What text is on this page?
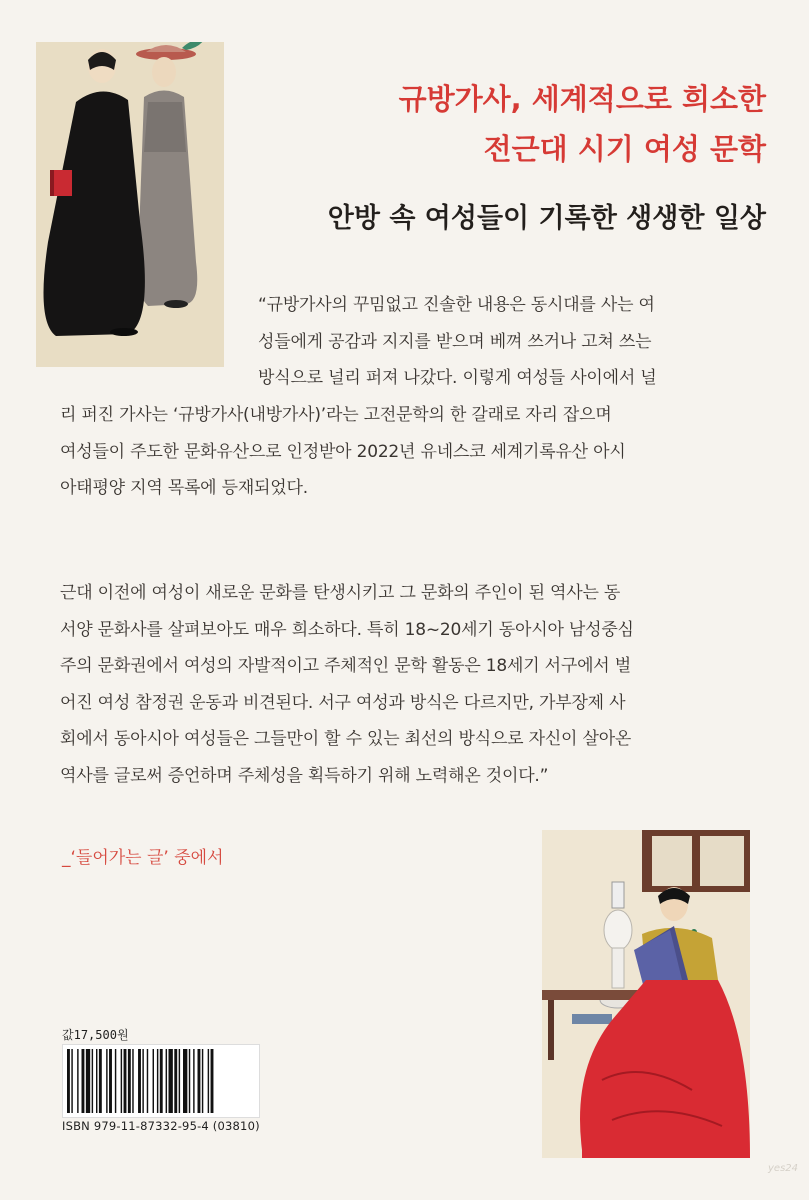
규방가사, 세계적으로 희소한
전근대 시기 여성 문학
안방 속 여성들이 기록한 생생한 일상
“규방가사의 꾸밈없고 진솔한 내용은 동시대를 사는 여
성들에게 공감과 지지를 받으며 베껴 쓰거나 고쳐 쓰는
방식으로 널리 퍼져 나갔다. 이렇게 여성들 사이에서 널
리 퍼진 가사는 ‘규방가사(내방가사)’라는 고전문학의 한 갈래로 자리 잡으며
여성들이 주도한 문화유산으로 인정받아 2022년 유네스코 세계기록유산 아시
아태평양 지역 목록에 등재되었다.
근대 이전에 여성이 새로운 문화를 탄생시키고 그 문화의 주인이 된 역사는 동
서양 문화사를 살펴보아도 매우 희소하다. 특히 18~20세기 동아시아 남성중심
주의 문화권에서 여성의 자발적이고 주체적인 문학 활동은 18세기 서구에서 벌
어진 여성 참정권 운동과 비견된다. 서구 여성과 방식은 다르지만, 가부장제 사
회에서 동아시아 여성들은 그들만이 할 수 있는 최선의 방식으로 자신이 살아온
역사를 글로써 증언하며 주체성을 획득하기 위해 노력해온 것이다.”
_‘들어가는 글’ 중에서
값17,500원
ISBN 979-11-87332-95-4 (03810)
yes24
